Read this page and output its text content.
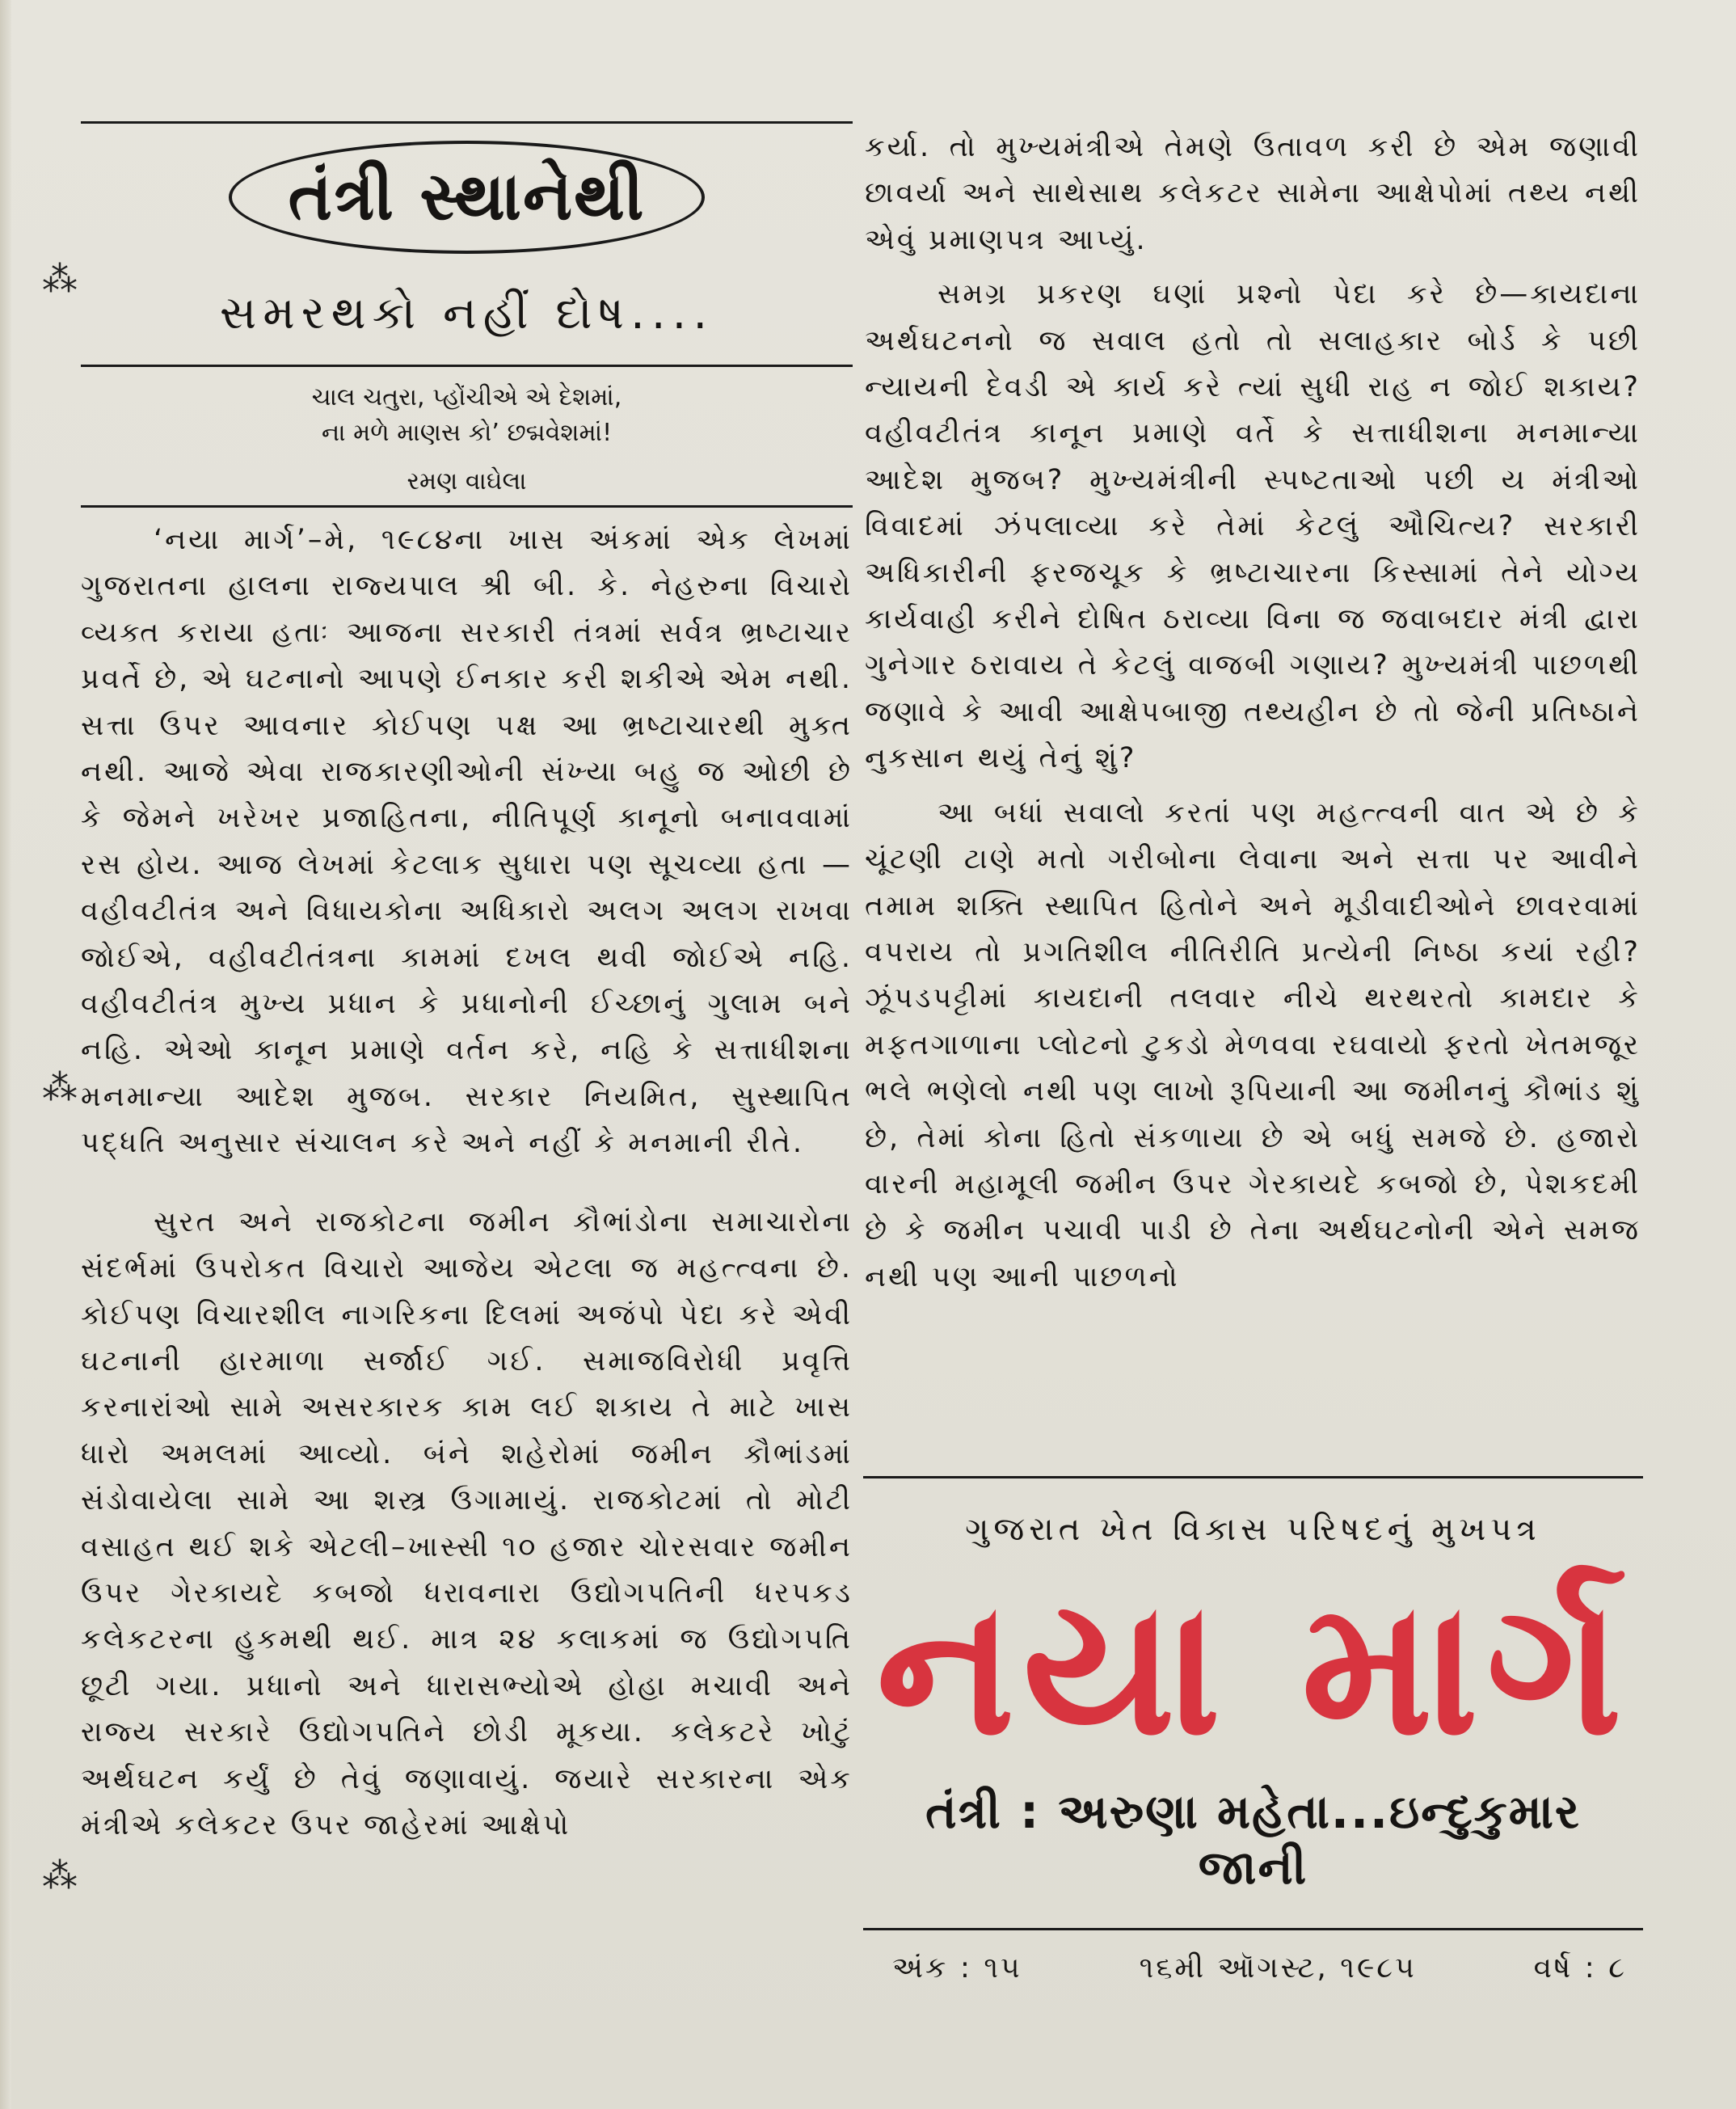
⁂
⁂
⁂
તંત્રી સ્થાનેથી
સમરથકો નહીં દોષ....
ચાલ ચતુરા, પ્હોંચીએ એ દેશમાં,
ના મળે માણસ કો’ છદ્મવેશમાં!
રમણ વાઘેલા

‘નયા માર્ગ’–મે, ૧૯૮૪ના ખાસ અંકમાં એક લેખમાં ગુજરાતના હાલના રાજ્યપાલ શ્રી બી. કે. નેહરુના વિચારો વ્યક્ત કરાયા હતાઃ આજના સરકારી તંત્રમાં સર્વત્ર ભ્રષ્ટાચાર પ્રવર્તે છે, એ ઘટનાનો આપણે ઈનકાર કરી શકીએ એમ નથી. સત્તા ઉપર આવનાર કોઈપણ પક્ષ આ ભ્રષ્ટાચારથી મુક્ત નથી. આજે એવા રાજકારણીઓની સંખ્યા બહુ જ ઓછી છે કે જેમને ખરેખર પ્રજાહિતના, નીતિપૂર્ણ કાનૂનો બનાવવામાં રસ હોય. આજ લેખમાં કેટલાક સુધારા પણ સૂચવ્યા હતા —વહીવટીતંત્ર અને વિધાયકોના અધિકારો અલગ અલગ રાખવા જોઈએ, વહીવટીતંત્રના કામમાં દખલ થવી જોઈએ નહિ. વહીવટીતંત્ર મુખ્ય પ્રધાન કે પ્રધાનોની ઈચ્છાનું ગુલામ બને નહિ. એઓ કાનૂન પ્રમાણે વર્તન કરે, નહિ કે સત્તાધીશના મનમાન્યા આદેશ મુજબ. સરકાર નિયમિત, સુસ્થાપિત પદ્ધતિ અનુસાર સંચાલન કરે અને નહીં કે મનમાની રીતે.

સુરત અને રાજકોટના જમીન કૌભાંડોના સમાચારોના સંદર્ભમાં ઉપરોકત વિચારો આજેય એટલા જ મહત્ત્વના છે. કોઈપણ વિચારશીલ નાગરિકના દિલમાં અજંપો પેદા કરે એવી ઘટનાની હારમાળા સર્જાઈ ગઈ. સમાજવિરોધી પ્રવૃત્તિ કરનારાંઓ સામે અસરકારક કામ લઈ શકાય તે માટે ખાસ ધારો અમલમાં આવ્યો. બંને શહેરોમાં જમીન કૌભાંડમાં સંડોવાયેલા સામે આ શસ્ત્ર ઉગામાયું. રાજકોટમાં તો મોટી વસાહત થઈ શકે એટલી–ખાસ્સી ૧૦ હજાર ચોરસવાર જમીન ઉપર ગેરકાયદે કબજો ધરાવનારા ઉદ્યોગપતિની ધરપકડ કલેકટરના હુકમથી થઈ. માત્ર ૨૪ કલાકમાં જ ઉદ્યોગપતિ છૂટી ગયા. પ્રધાનો અને ધારાસભ્યોએ હોહા મચાવી અને રાજ્ય સરકારે ઉદ્યોગપતિને છોડી મૂકયા. કલેકટરે ખોટું અર્થઘટન કર્યું છે તેવું જણાવાયું. જયારે સરકારના એક મંત્રીએ કલેકટર ઉપર જાહેરમાં આક્ષેપો

કર્યા. તો મુખ્યમંત્રીએ તેમણે ઉતાવળ કરી છે એમ જણાવી છાવર્યા અને સાથેસાથ કલેકટર સામેના આક્ષેપોમાં તથ્ય નથી એવું પ્રમાણપત્ર આપ્યું.

સમગ્ર પ્રકરણ ઘણાં પ્રશ્નો પેદા કરે છે—કાયદાના અર્થઘટનનો જ સવાલ હતો તો સલાહકાર બોર્ડ કે પછી ન્યાયની દેવડી એ કાર્ય કરે ત્યાં સુધી રાહ ન જોઈ શકાય? વહીવટીતંત્ર કાનૂન પ્રમાણે વર્તે કે સત્તાધીશના મનમાન્યા આદેશ મુજબ? મુખ્યમંત્રીની સ્પષ્ટતાઓ પછી ય મંત્રીઓ વિવાદમાં ઝંપલાવ્યા કરે તેમાં કેટલું ઔચિત્ય? સરકારી અધિકારીની ફરજચૂક કે ભ્રષ્ટાચારના કિસ્સામાં તેને યોગ્ય કાર્યવાહી કરીને દોષિત ઠરાવ્યા વિના જ જવાબદાર મંત્રી દ્વારા ગુનેગાર ઠરાવાય તે કેટલું વાજબી ગણાય? મુખ્યમંત્રી પાછળથી જણાવે કે આવી આક્ષેપબાજી તથ્યહીન છે તો જેની પ્રતિષ્ઠાને નુકસાન થયું તેનું શું?

આ બધાં સવાલો કરતાં પણ મહત્ત્વની વાત એ છે કે ચૂંટણી ટાણે મતો ગરીબોના લેવાના અને સત્તા પર આવીને તમામ શક્તિ સ્થાપિત હિતોને અને મૂડીવાદીઓને છાવરવામાં વપરાય તો પ્રગતિશીલ નીતિરીતિ પ્રત્યેની નિષ્ઠા કયાં રહી? ઝૂંપડપટ્ટીમાં કાયદાની તલવાર નીચે થરથરતો કામદાર કે મફતગાળાના પ્લોટનો ટુકડો મેળવવા રઘવાયો ફરતો ખેતમજૂર ભલે ભણેલો નથી પણ લાખો રૂપિયાની આ જમીનનું કૌભાંડ શું છે, તેમાં કોના હિતો સંકળાયા છે એ બધું સમજે છે. હજારો વારની મહામૂલી જમીન ઉપર ગેરકાયદે કબજો છે, પેશકદમી છે કે જમીન પચાવી પાડી છે તેના અર્થઘટનોની એને સમજ નથી પણ આની પાછળનો

ગુજરાત ખેત વિકાસ પરિષદનું મુખપત્ર
નયા માર્ગ
તંત્રી : અરુણા મહેતા...ઇન્દુકુમાર જાની
અંક : ૧૫	૧૬મી ઑગસ્ટ, ૧૯૮૫	વર્ષ : ૮
